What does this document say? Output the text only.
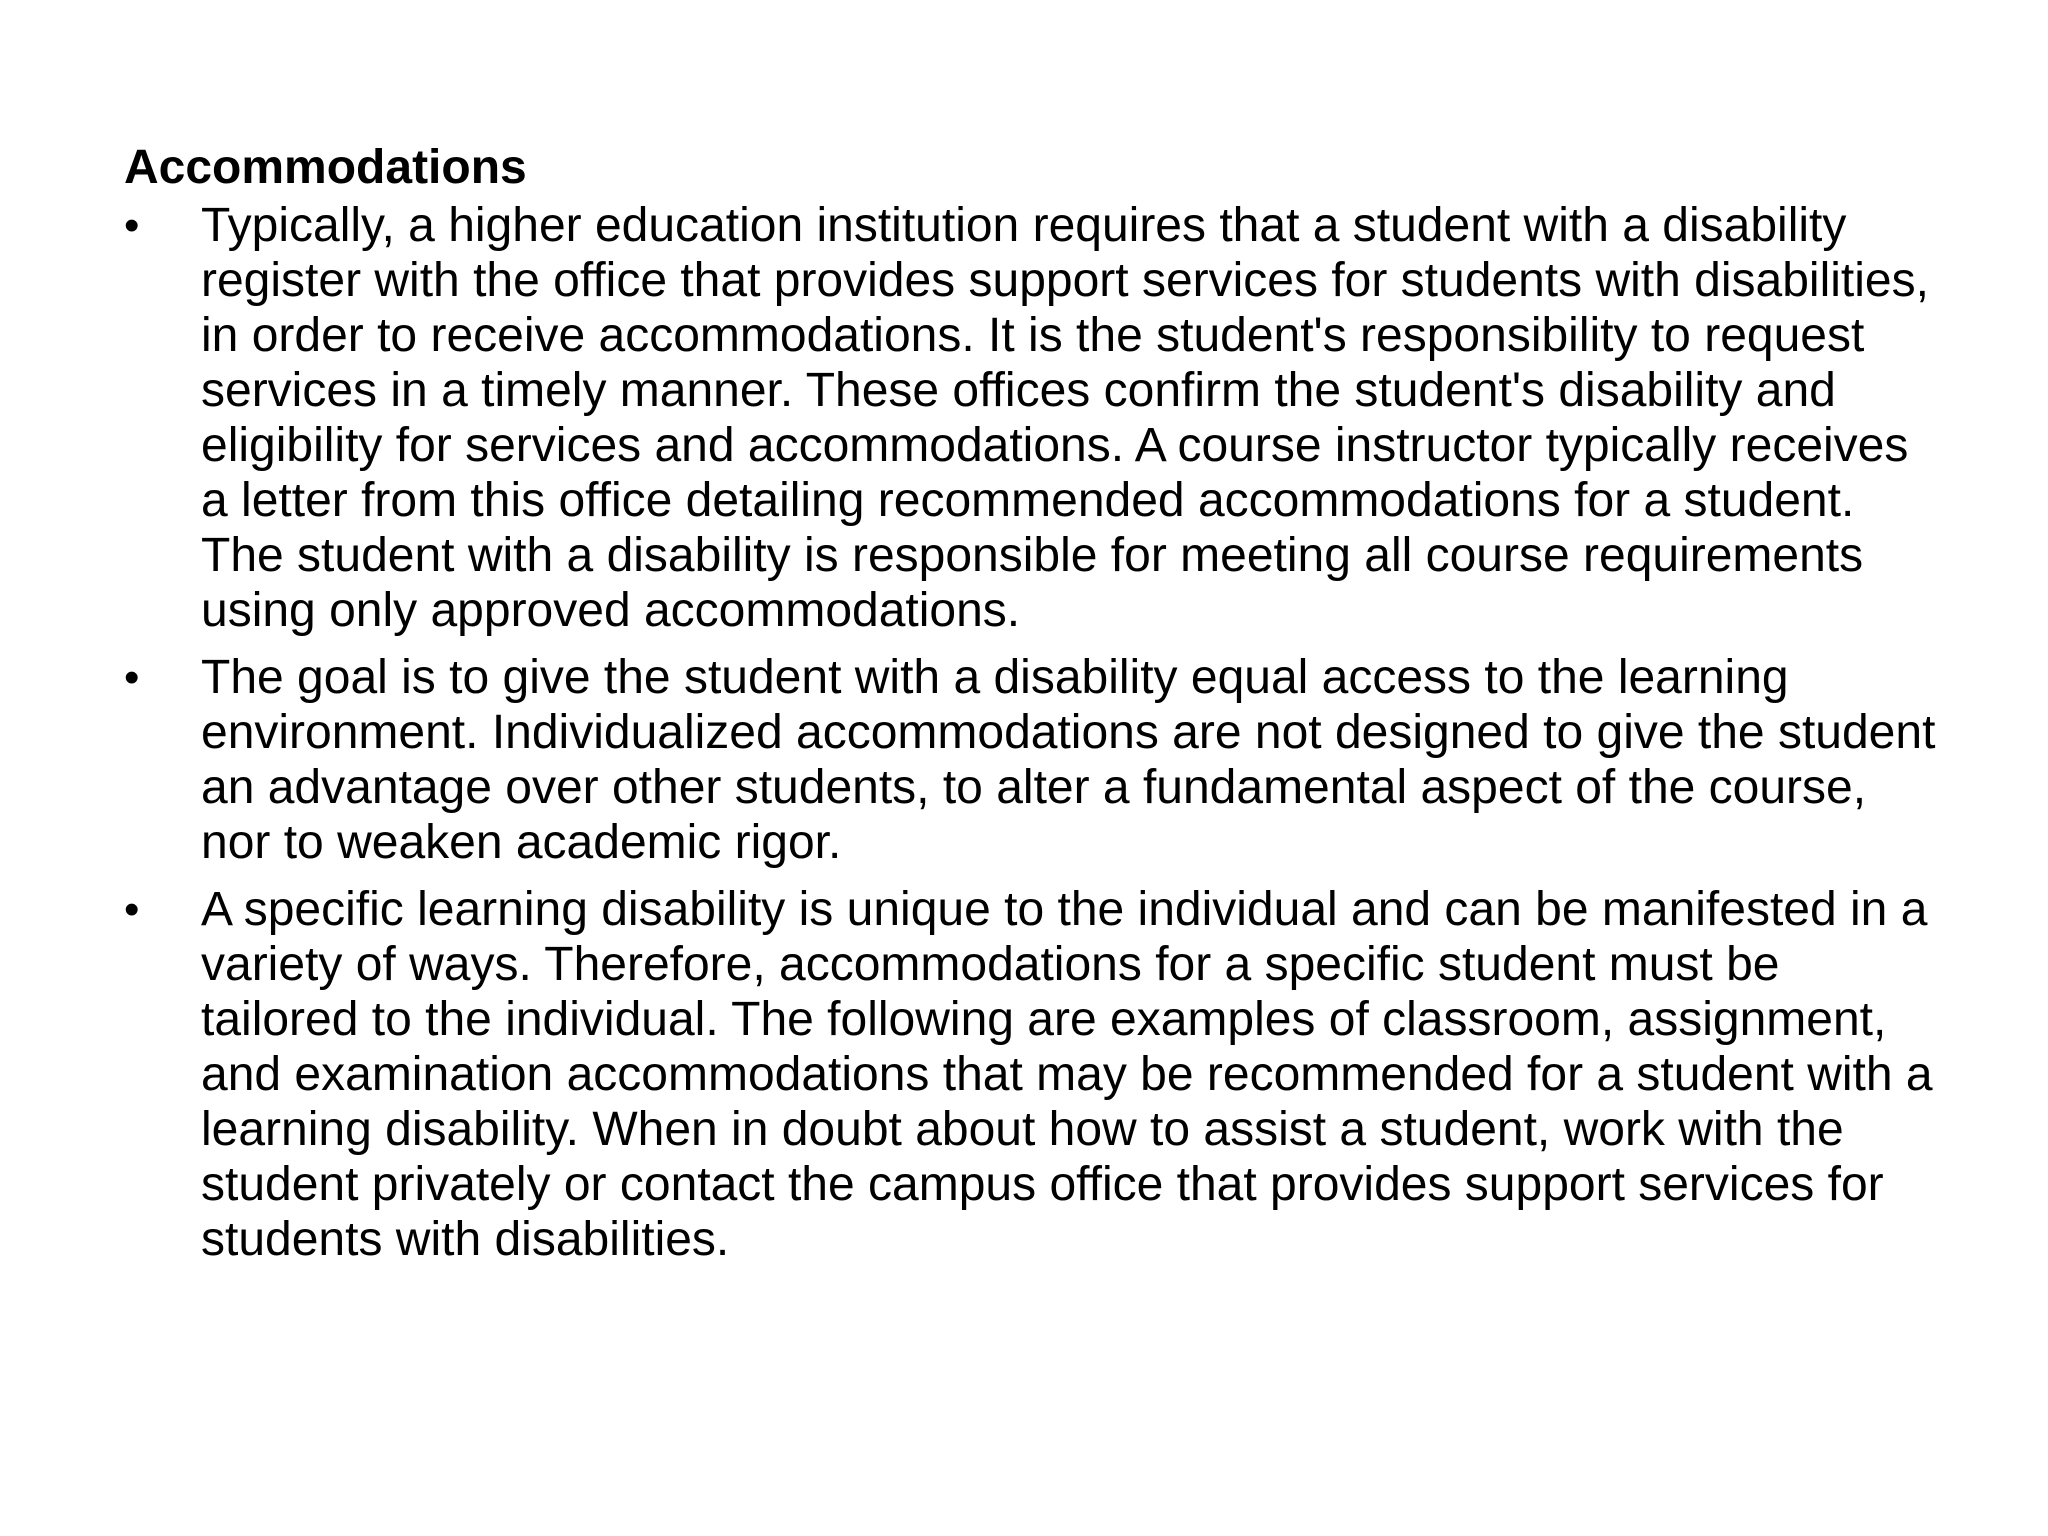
Accommodations
•	Typically, a higher education institution requires that a student with a disability register with the office that provides support services for students with disabilities, in order to receive accommodations. It is the student's responsibility to request services in a timely manner. These offices confirm the student's disability and eligibility for services and accommodations. A course instructor typically receives a letter from this office detailing recommended accommodations for a student. The student with a disability is responsible for meeting all course requirements using only approved accommodations.
•	The goal is to give the student with a disability equal access to the learning environment. Individualized accommodations are not designed to give the student an advantage over other students, to alter a fundamental aspect of the course, nor to weaken academic rigor.
•	A specific learning disability is unique to the individual and can be manifested in a variety of ways. Therefore, accommodations for a specific student must be tailored to the individual. The following are examples of classroom, assignment, and examination accommodations that may be recommended for a student with a learning disability. When in doubt about how to assist a student, work with the student privately or contact the campus office that provides support services for students with disabilities.
